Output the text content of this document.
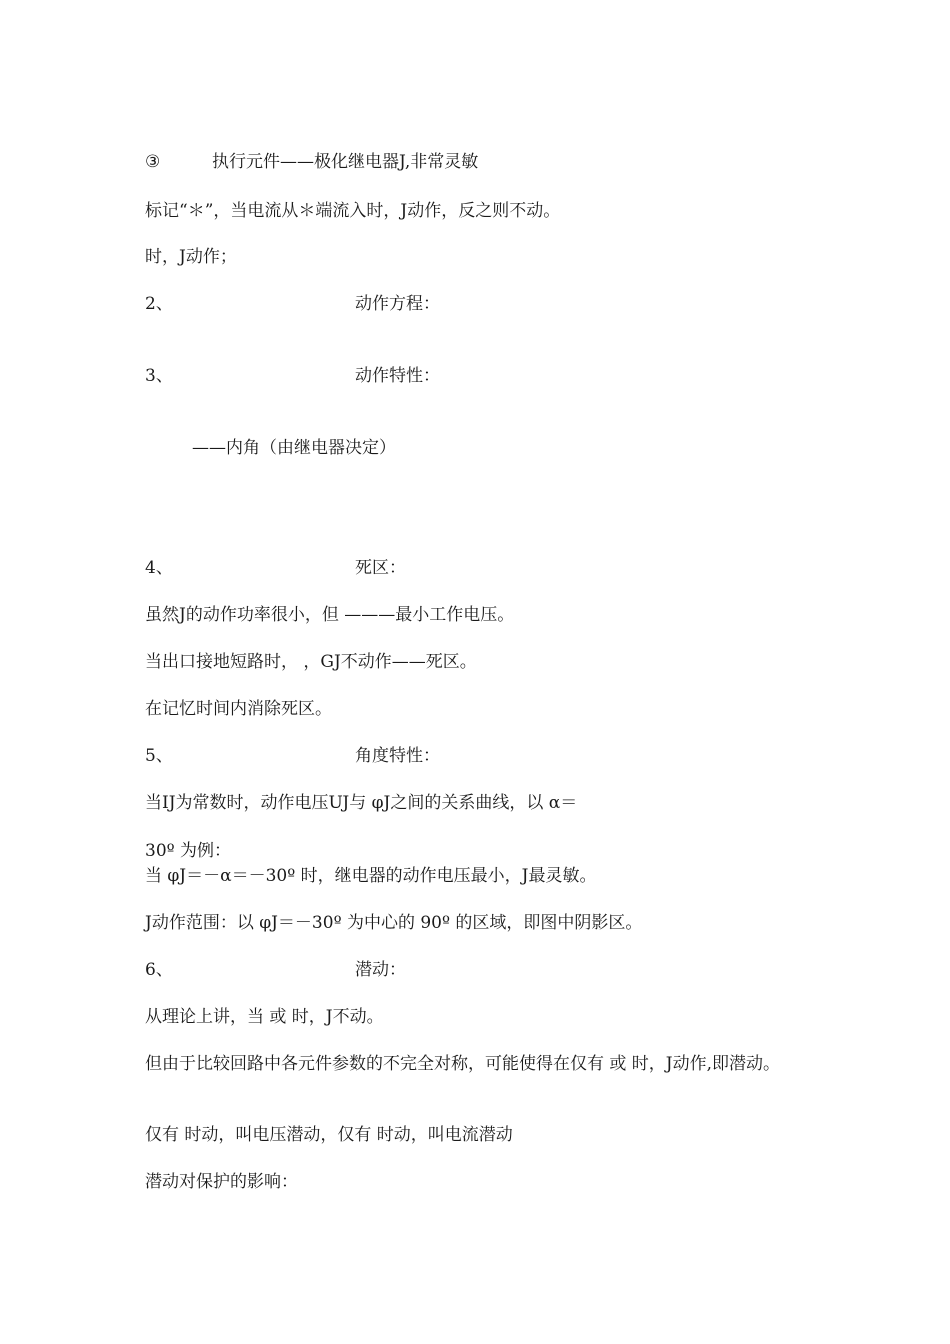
③	执行元件——极化继电器J,非常灵敏
标记“＊”，当电流从＊端流入时，J动作，反之则不动。
时，J动作；
2、	动作方程：
3、	动作特性：
——内角（由继电器决定）
4、	死区：
虽然J的动作功率很小，但 ———最小工作电压。
当出口接地短路时， ，GJ不动作——死区。
在记忆时间内消除死区。
5、	角度特性：
当IJ为常数时，动作电压UJ与 φJ之间的关系曲线，以 α＝
30º 为例：
当 φJ＝－α＝－30º 时，继电器的动作电压最小，J最灵敏。
J动作范围：以 φJ＝－30º 为中心的 90º 的区域，即图中阴影区。
6、	潜动：
从理论上讲，当 或 时，J不动。
但由于比较回路中各元件参数的不完全对称，可能使得在仅有 或 时，J动作,即潜动。
仅有 时动，叫电压潜动，仅有 时动，叫电流潜动
潜动对保护的影响：
